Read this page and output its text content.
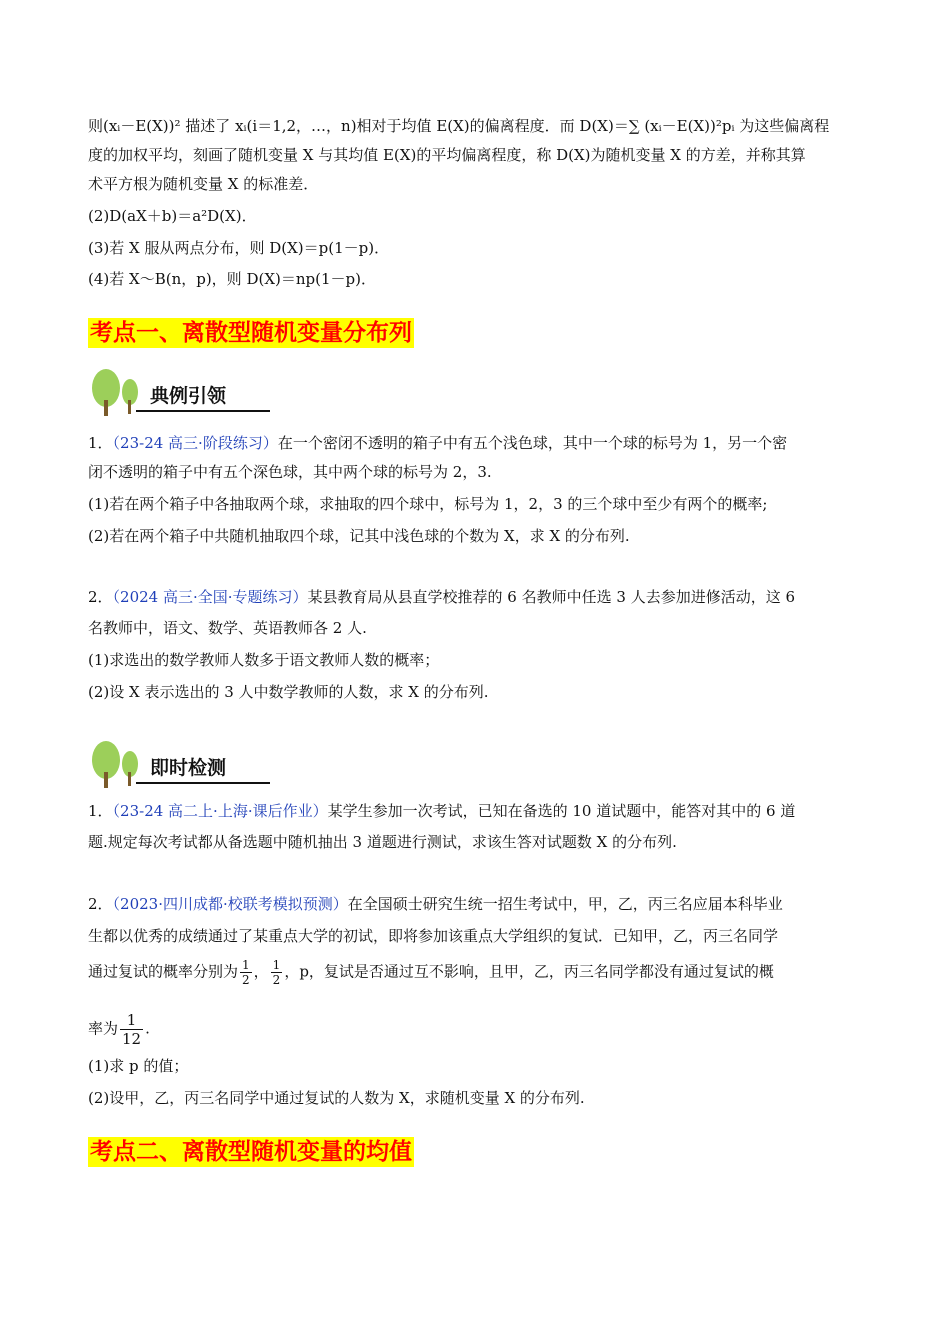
则(xᵢ－E(X))² 描述了 xᵢ(i＝1,2，…，n)相对于均值 E(X)的偏离程度．而 D(X)＝∑ (xᵢ－E(X))²pᵢ 为这些偏离程
度的加权平均，刻画了随机变量 X 与其均值 E(X)的平均偏离程度，称 D(X)为随机变量 X 的方差，并称其算
术平方根为随机变量 X 的标准差．
(2)D(aX＋b)＝a²D(X)．
(3)若 X 服从两点分布，则 D(X)＝p(1－p)．
(4)若 X～B(n，p)，则 D(X)＝np(1－p)．
考点一、离散型随机变量分布列
典例引领
1．（23-24 高三·阶段练习）在一个密闭不透明的箱子中有五个浅色球，其中一个球的标号为 1，另一个密
闭不透明的箱子中有五个深色球，其中两个球的标号为 2，3.
(1)若在两个箱子中各抽取两个球，求抽取的四个球中，标号为 1，2，3 的三个球中至少有两个的概率;
(2)若在两个箱子中共随机抽取四个球，记其中浅色球的个数为 X，求 X 的分布列.
2．（2024 高三·全国·专题练习）某县教育局从县直学校推荐的 6 名教师中任选 3 人去参加进修活动，这 6
名教师中，语文、数学、英语教师各 2 人.
(1)求选出的数学教师人数多于语文教师人数的概率；
(2)设 X 表示选出的 3 人中数学教师的人数，求 X 的分布列.
即时检测
1．（23-24 高二上·上海·课后作业）某学生参加一次考试，已知在备选的 10 道试题中，能答对其中的 6 道
题.规定每次考试都从备选题中随机抽出 3 道题进行测试，求该生答对试题数 X 的分布列.
2．（2023·四川成都·校联考模拟预测）在全国硕士研究生统一招生考试中，甲，乙，丙三名应届本科毕业
生都以优秀的成绩通过了某重点大学的初试，即将参加该重点大学组织的复试．已知甲，乙，丙三名同学
通过复试的概率分别为 $\frac{1}{2}$ ， $\frac{1}{2}$ ，p，复试是否通过互不影响，且甲，乙，丙三名同学都没有通过复试的概
率为 $\frac{1}{12}$ .
(1)求 p 的值；
(2)设甲，乙，丙三名同学中通过复试的人数为 X，求随机变量 X 的分布列.
考点二、离散型随机变量的均值
